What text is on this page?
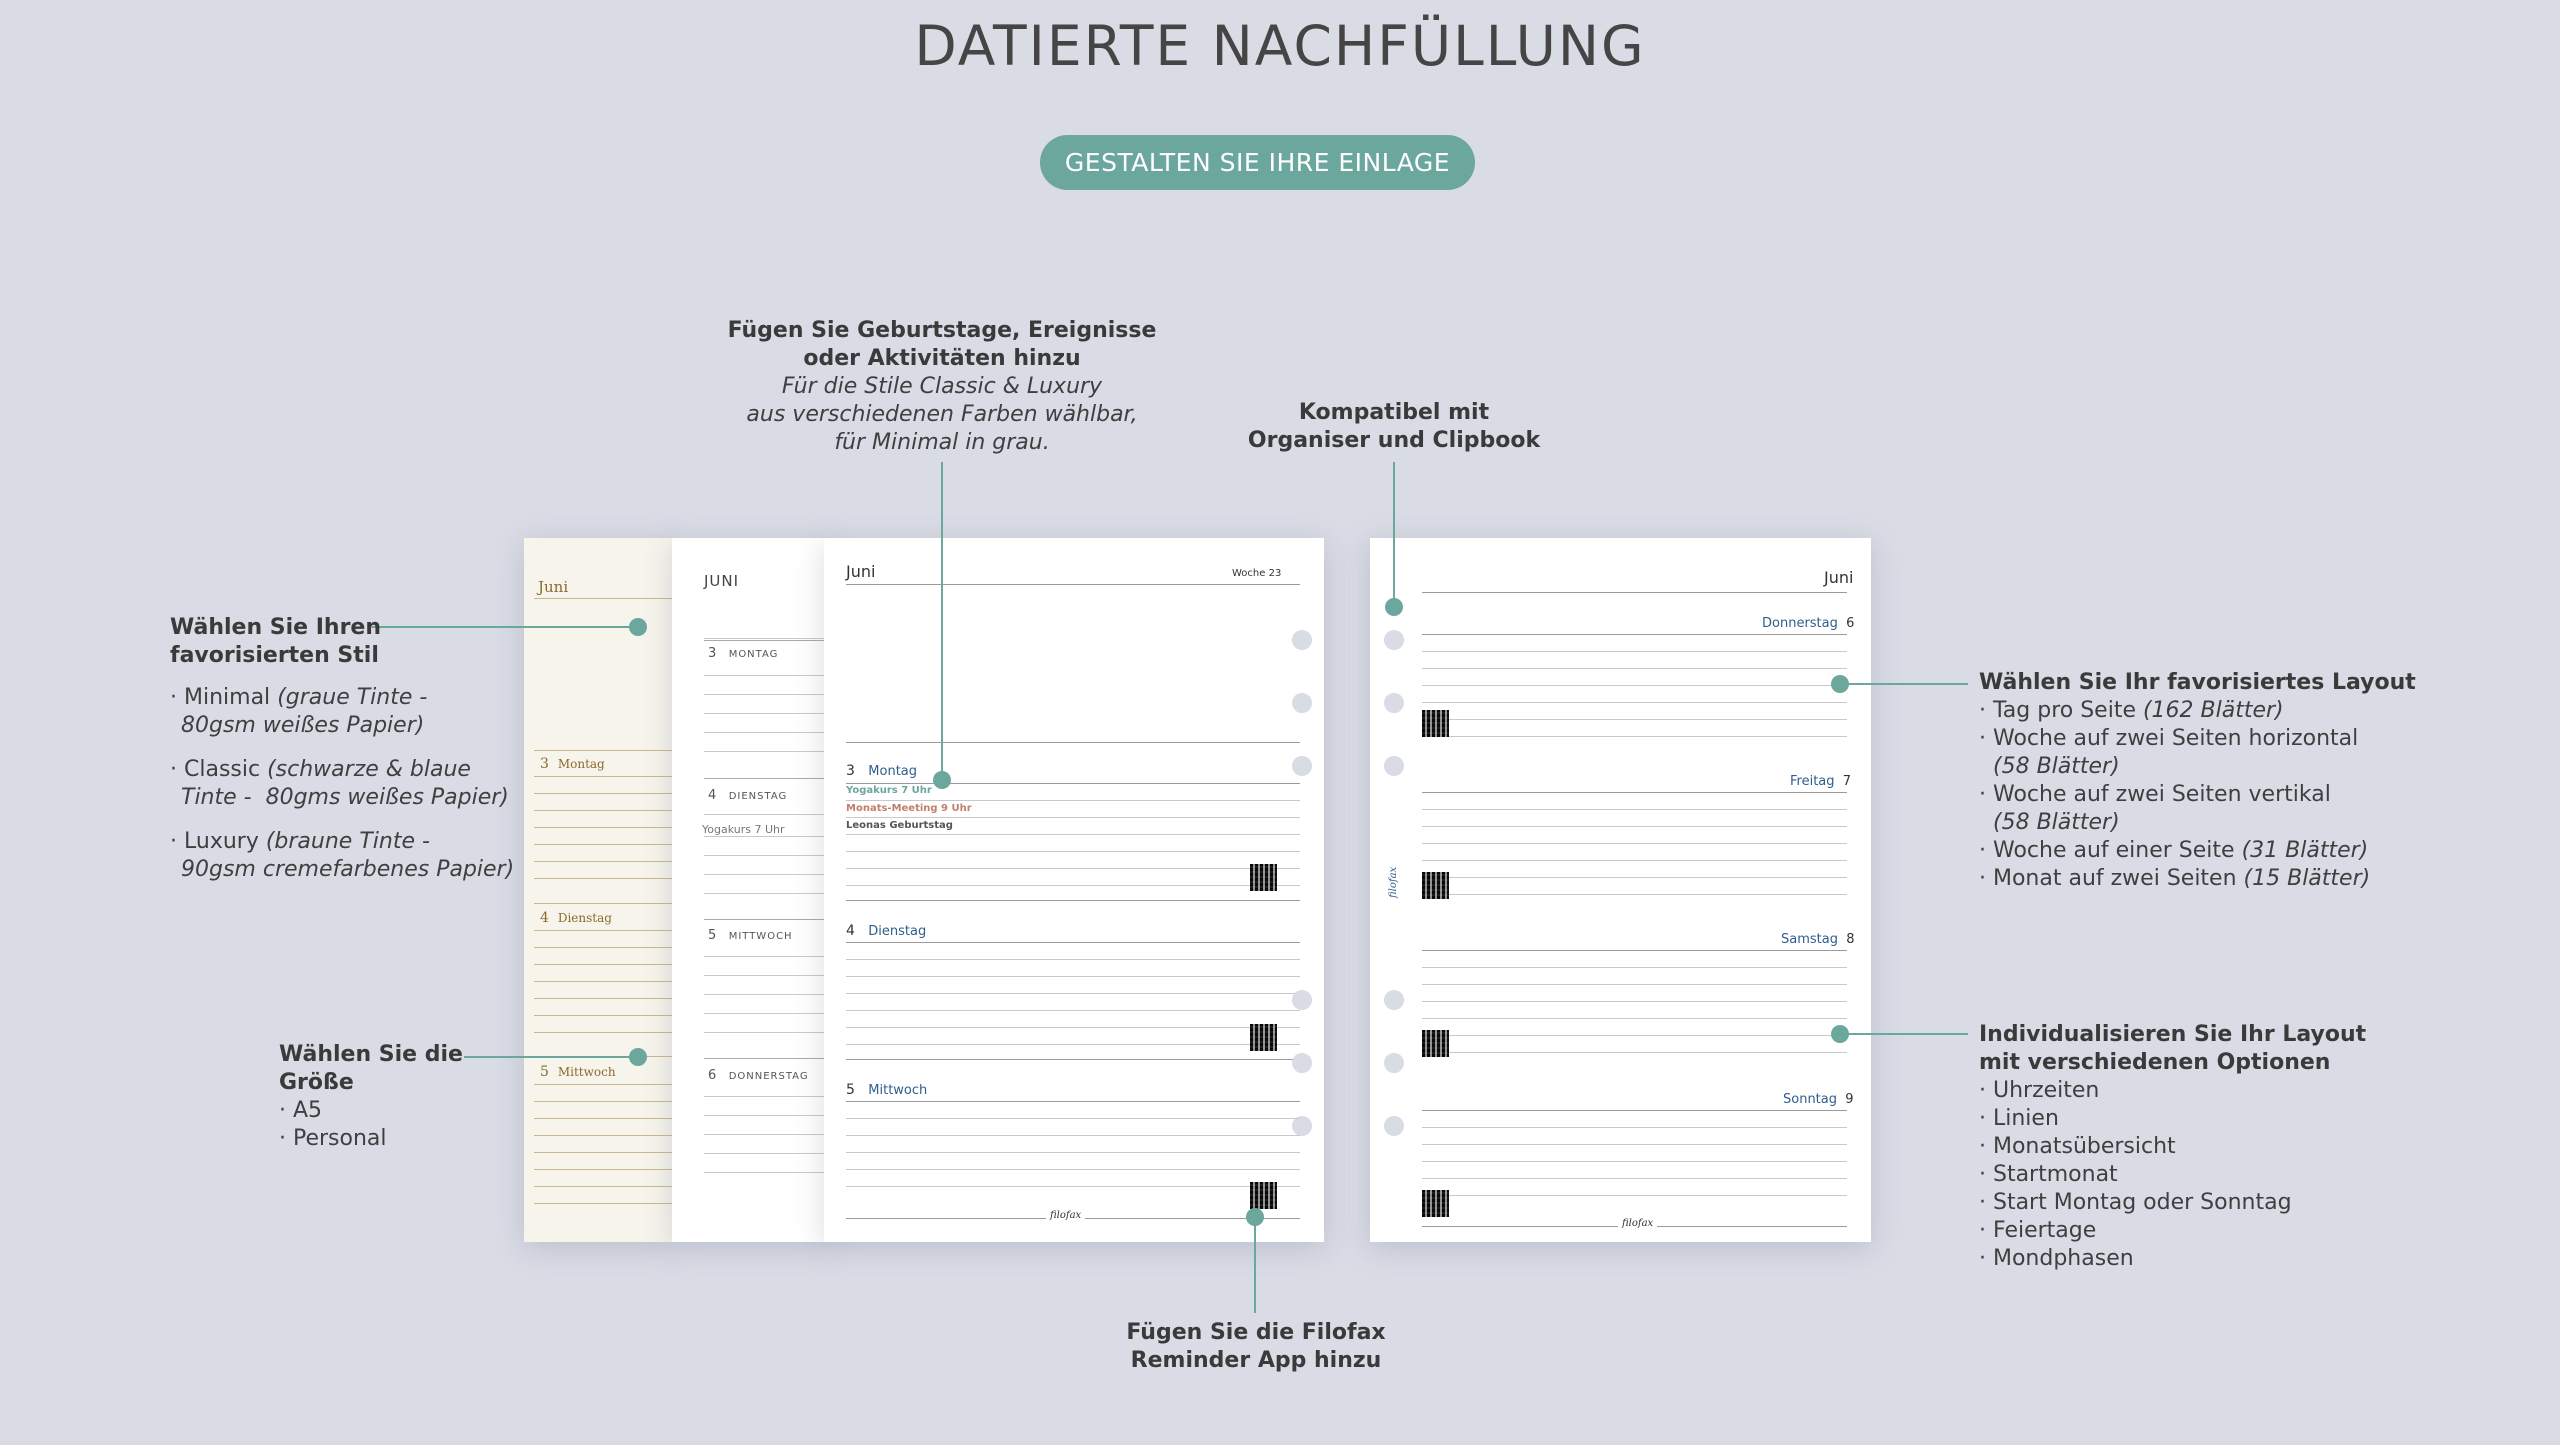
DATIERTE NACHFÜLLUNG
GESTALTEN SIE IHRE EINLAGE
Juni
3 Montag
4 Dienstag
5 Mittwoch
JUNI
3 MONTAG
4 DIENSTAG
Yogakurs 7 Uhr
5 MITTWOCH
6 DONNERSTAG
Juni	Woche 23
3 Montag
Yogakurs 7 Uhr
Monats-Meeting 9 Uhr
Leonas Geburtstag
4 Dienstag
5 Mittwoch
filofax
Juni
filofax
Donnerstag 6
Freitag 7
Samstag 8
Sonntag 9
filofax
Wählen Sie Ihren
favorisierten Stil
· Minimal (graue Tinte -
80gsm weißes Papier)
· Classic (schwarze & blaue
Tinte -  80gms weißes Papier)
· Luxury (braune Tinte -
90gsm cremefarbenes Papier)
Wählen Sie die
Größe
· A5
· Personal
Fügen Sie Geburtstage, Ereignisse
oder Aktivitäten hinzu
Für die Stile Classic & Luxury
aus verschiedenen Farben wählbar,
für Minimal in grau.
Kompatibel mit
Organiser und Clipbook
Wählen Sie Ihr favorisiertes Layout
· Tag pro Seite (162 Blätter)
· Woche auf zwei Seiten horizontal
(58 Blätter)
· Woche auf zwei Seiten vertikal
(58 Blätter)
· Woche auf einer Seite (31 Blätter)
· Monat auf zwei Seiten (15 Blätter)
Individualisieren Sie Ihr Layout
mit verschiedenen Optionen
· Uhrzeiten
· Linien
· Monatsübersicht
· Startmonat
· Start Montag oder Sonntag
· Feiertage
· Mondphasen
Fügen Sie die Filofax
Reminder App hinzu
